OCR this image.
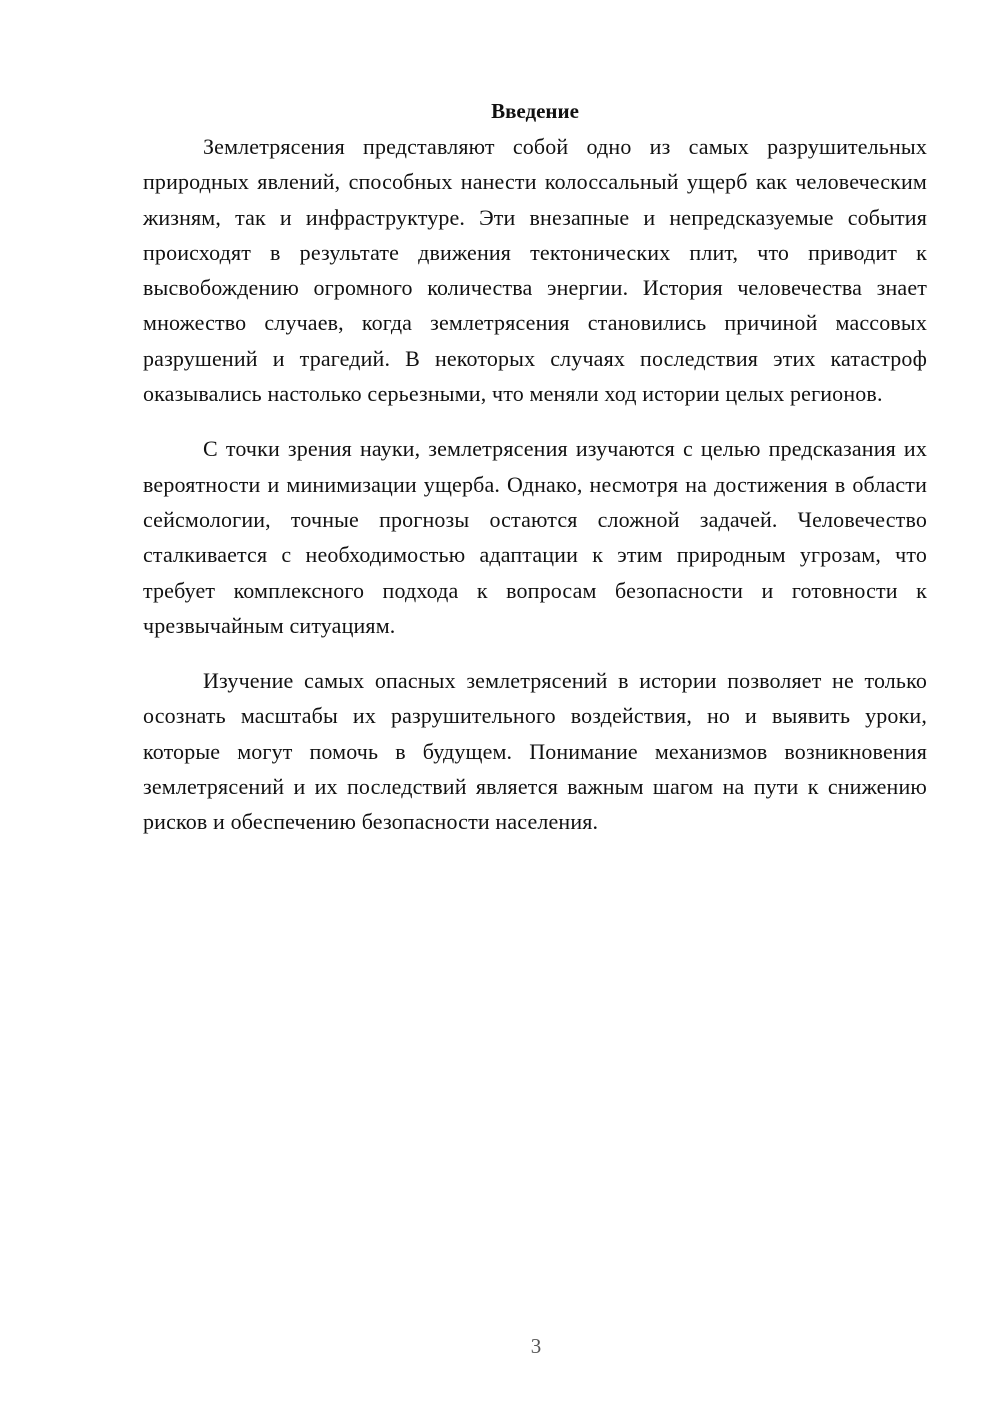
Введение

Землетрясения представляют собой одно из самых разрушительных природных явлений, способных нанести колоссальный ущерб как человеческим жизням, так и инфраструктуре. Эти внезапные и непредсказуемые события происходят в результате движения тектонических плит, что приводит к высвобождению огромного количества энергии. История человечества знает множество случаев, когда землетрясения становились причиной массовых разрушений и трагедий. В некоторых случаях последствия этих катастроф оказывались настолько серьезными, что меняли ход истории целых регионов.

С точки зрения науки, землетрясения изучаются с целью предсказания их вероятности и минимизации ущерба. Однако, несмотря на достижения в области сейсмологии, точные прогнозы остаются сложной задачей. Человечество сталкивается с необходимостью адаптации к этим природным угрозам, что требует комплексного подхода к вопросам безопасности и готовности к чрезвычайным ситуациям.

Изучение самых опасных землетрясений в истории позволяет не только осознать масштабы их разрушительного воздействия, но и выявить уроки, которые могут помочь в будущем. Понимание механизмов возникновения землетрясений и их последствий является важным шагом на пути к снижению рисков и обеспечению безопасности населения.

3
